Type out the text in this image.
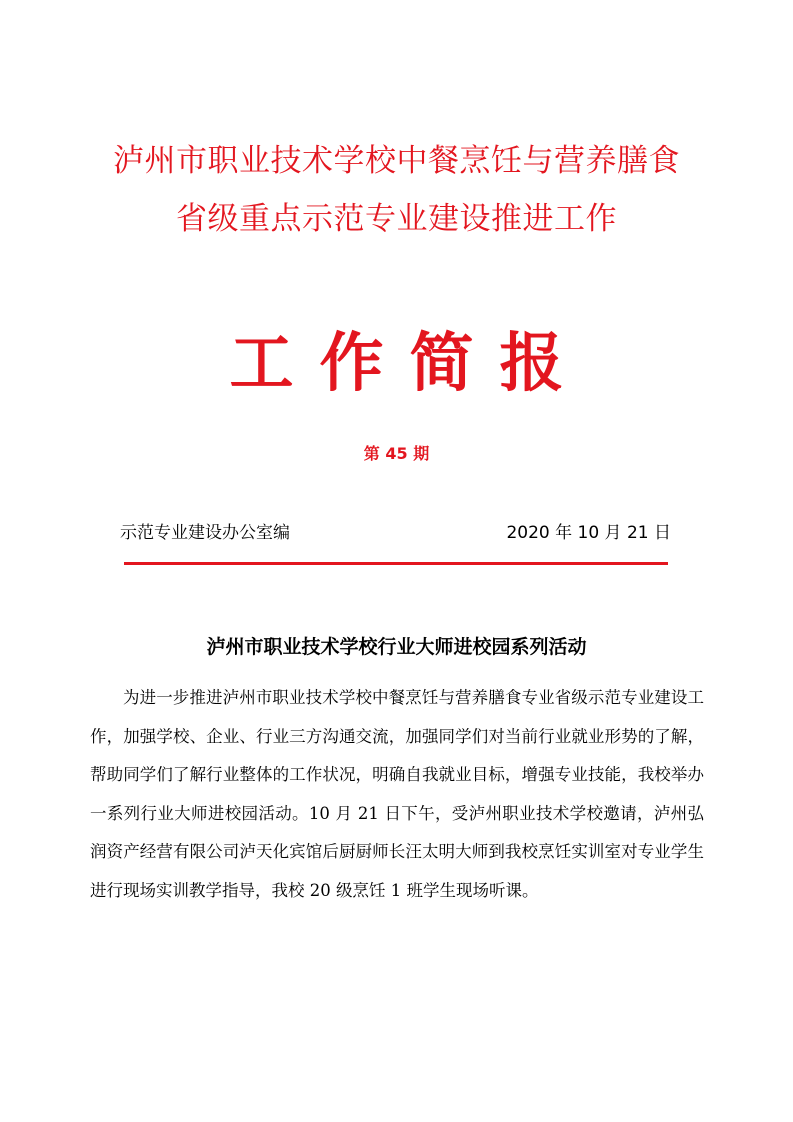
泸州市职业技术学校中餐烹饪与营养膳食
省级重点示范专业建设推进工作
工作简报
第 45 期
示范专业建设办公室编	2020 年 10 月 21 日
泸州市职业技术学校行业大师进校园系列活动

为进一步推进泸州市职业技术学校中餐烹饪与营养膳食专业省级示范专业建设工作，加强学校、企业、行业三方沟通交流，加强同学们对当前行业就业形势的了解，帮助同学们了解行业整体的工作状况，明确自我就业目标，增强专业技能，我校举办一系列行业大师进校园活动。10 月 21 日下午，受泸州职业技术学校邀请，泸州弘润资产经营有限公司泸天化宾馆后厨厨师长汪太明大师到我校烹饪实训室对专业学生进行现场实训教学指导，我校 20 级烹饪 1 班学生现场听课。
